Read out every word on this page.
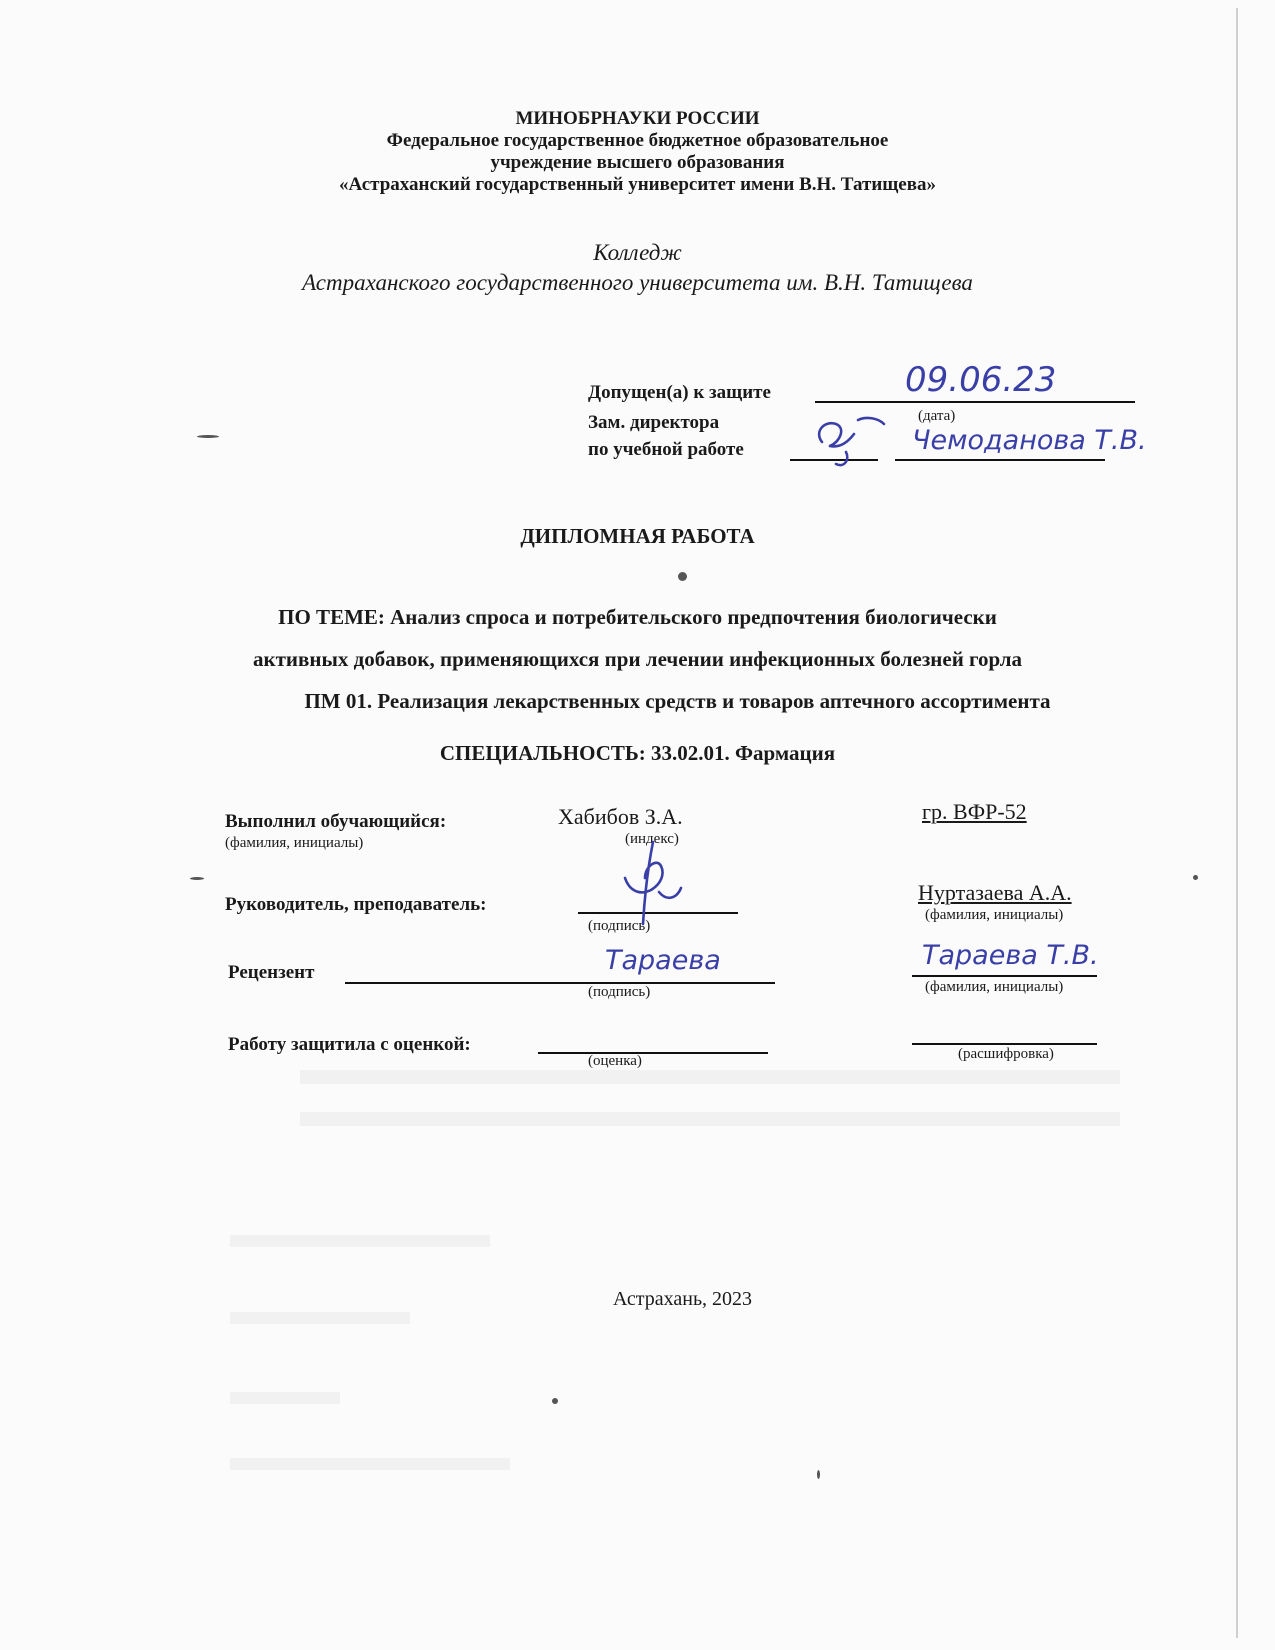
МИНОБРНАУКИ РОССИИ
Федеральное государственное бюджетное образовательное
учреждение высшего образования
«Астраханский государственный университет имени В.Н. Татищева»
Колледж
Астраханского государственного университета им. В.Н. Татищева
Допущен(а) к защите	09.06.23
(дата)
Зам. директора
по учебной работе	Чемоданова Т.В.
ДИПЛОМНАЯ РАБОТА
ПО ТЕМЕ: Анализ спроса и потребительского предпочтения биологически
активных добавок, применяющихся при лечении инфекционных болезней горла
ПМ 01. Реализация лекарственных средств и товаров аптечного ассортимента
СПЕЦИАЛЬНОСТЬ: 33.02.01. Фармация
Выполнил обучающийся:
(фамилия, инициалы)
Хабибов З.А.
(индекс)
гр. ВФР-52
Руководитель, преподаватель:
(подпись)
Нуртазаева А.А.
(фамилия, инициалы)
Рецензент	Тараева
(подпись)
Тараева Т.В.
(фамилия, инициалы)
Работу защитила с оценкой:
(оценка)	(расшифровка)
Астрахань, 2023
